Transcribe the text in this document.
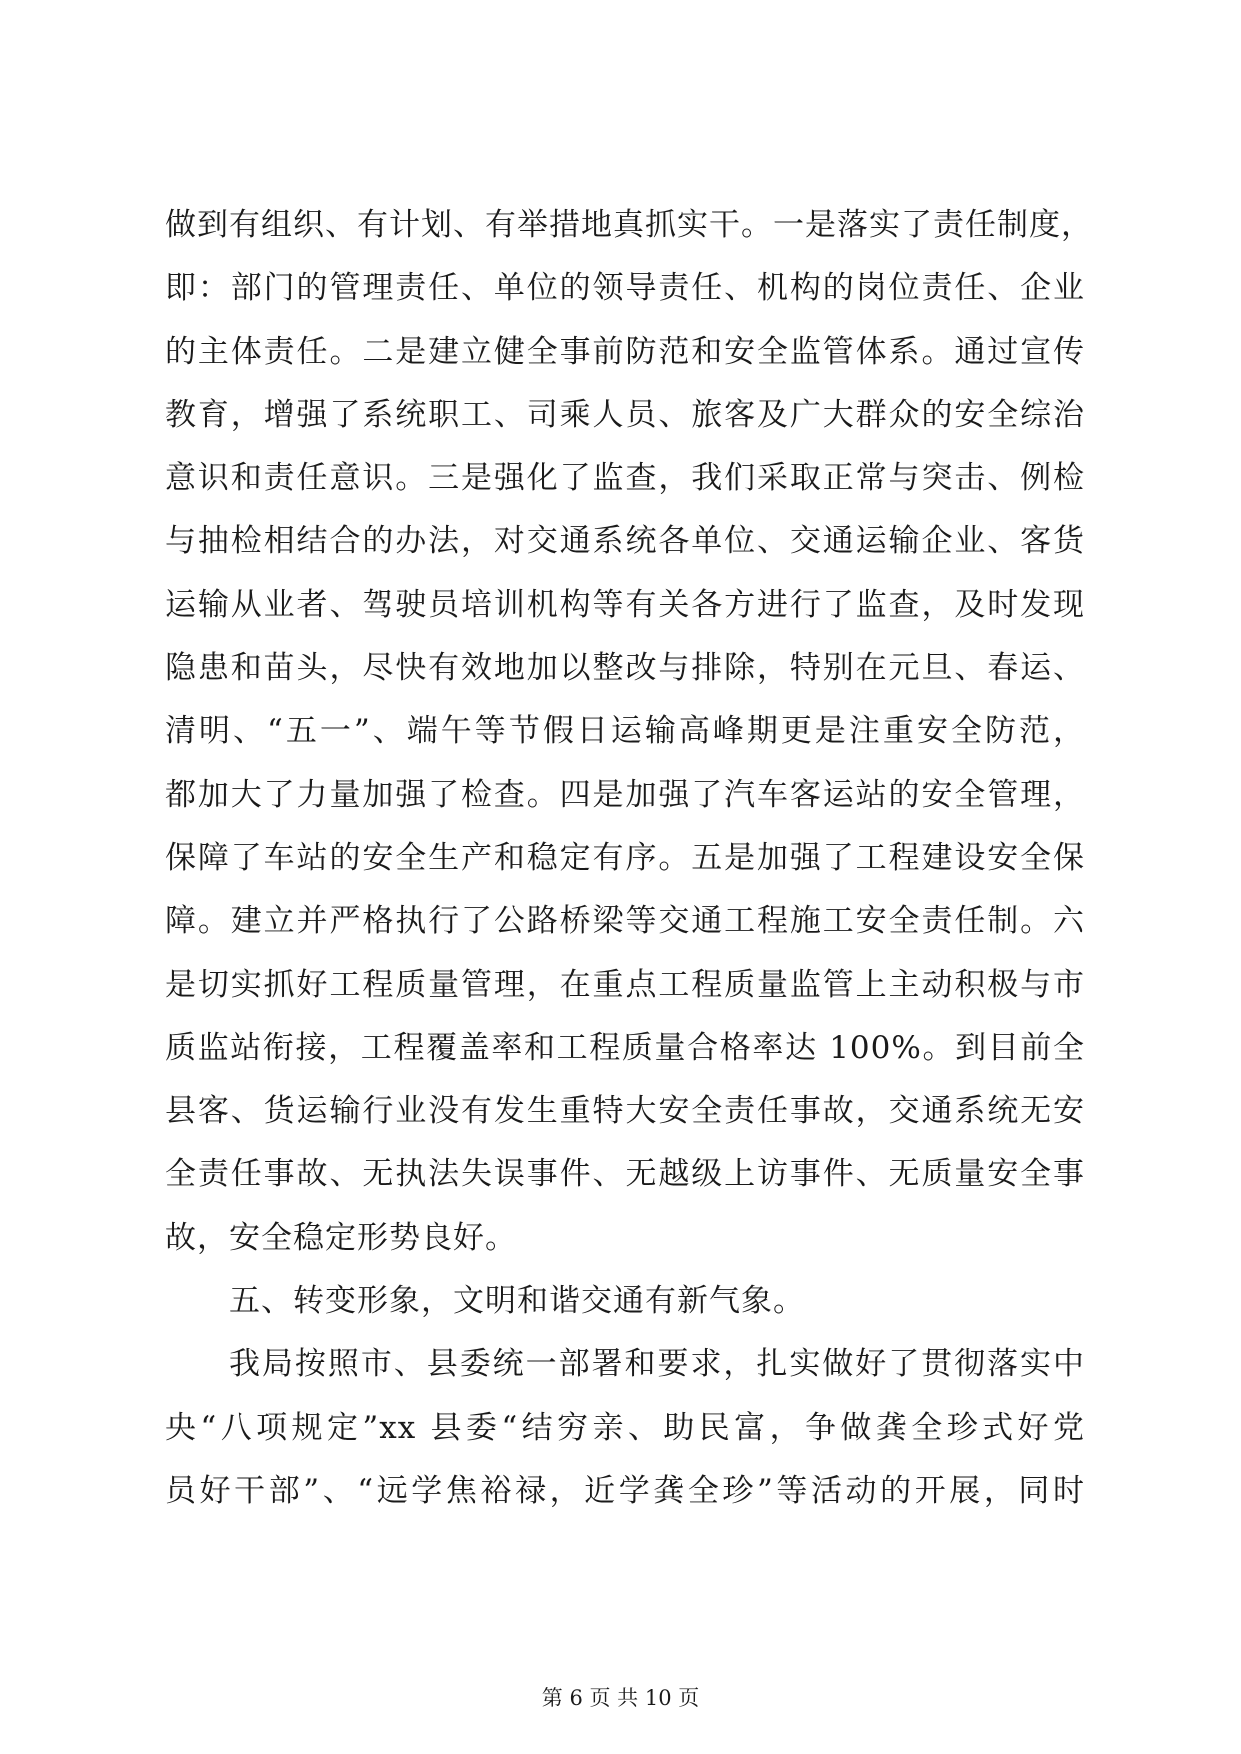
做到有组织、有计划、有举措地真抓实干。一是落实了责任制度，
即：部门的管理责任、单位的领导责任、机构的岗位责任、企业
的主体责任。二是建立健全事前防范和安全监管体系。通过宣传
教育，增强了系统职工、司乘人员、旅客及广大群众的安全综治
意识和责任意识。三是强化了监查，我们采取正常与突击、例检
与抽检相结合的办法，对交通系统各单位、交通运输企业、客货
运输从业者、驾驶员培训机构等有关各方进行了监查，及时发现
隐患和苗头，尽快有效地加以整改与排除，特别在元旦、春运、
清明、“五一”、端午等节假日运输高峰期更是注重安全防范，
都加大了力量加强了检查。四是加强了汽车客运站的安全管理，
保障了车站的安全生产和稳定有序。五是加强了工程建设安全保
障。建立并严格执行了公路桥梁等交通工程施工安全责任制。六
是切实抓好工程质量管理，在重点工程质量监管上主动积极与市
质监站衔接，工程覆盖率和工程质量合格率达 100%。到目前全
县客、货运输行业没有发生重特大安全责任事故，交通系统无安
全责任事故、无执法失误事件、无越级上访事件、无质量安全事
故，安全稳定形势良好。
五、转变形象，文明和谐交通有新气象。
我局按照市、县委统一部署和要求，扎实做好了贯彻落实中
央“八项规定”xx 县委“结穷亲、助民富，争做龚全珍式好党
员好干部”、“远学焦裕禄，近学龚全珍”等活动的开展，同时
第 6 页 共 10 页
